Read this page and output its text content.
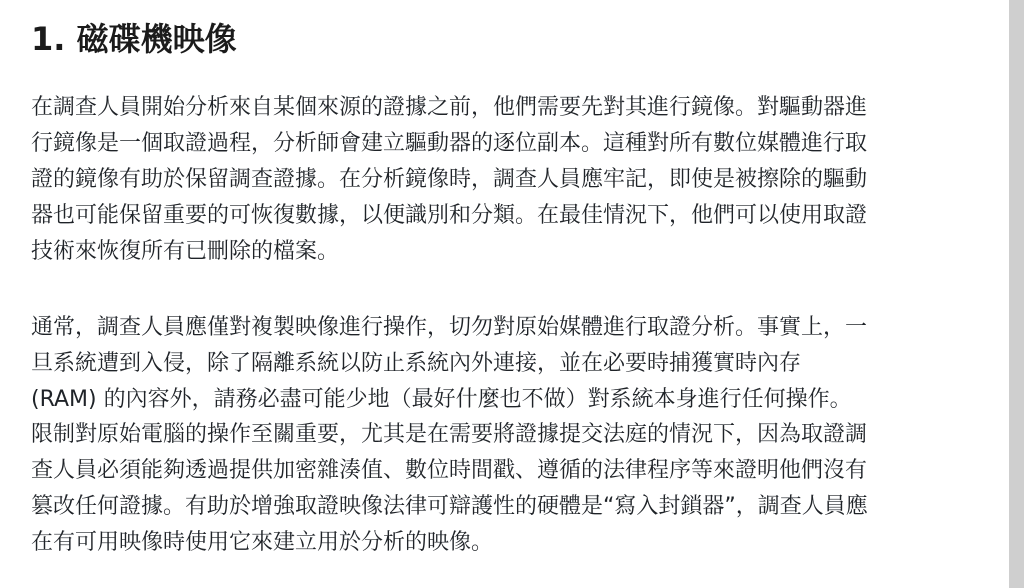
1. 磁碟機映像
在調查人員開始分析來自某個來源的證據之前，他們需要先對其進行鏡像。對驅動器進
行鏡像是一個取證過程，分析師會建立驅動器的逐位副本。這種對所有數位媒體進行取
證的鏡像有助於保留調查證據。在分析鏡像時，調查人員應牢記，即使是被擦除的驅動
器也可能保留重要的可恢復數據，以便識別和分類。在最佳情況下，他們可以使用取證
技術來恢復所有已刪除的檔案。
通常，調查人員應僅對複製映像進行操作，切勿對原始媒體進行取證分析。事實上，一
旦系統遭到入侵，除了隔離系統以防止系統內外連接，並在必要時捕獲實時內存
(RAM) 的內容外，請務必盡可能少地（最好什麼也不做）對系統本身進行任何操作。
限制對原始電腦的操作至關重要，尤其是在需要將證據提交法庭的情況下，因為取證調
查人員必須能夠透過提供加密雜湊值、數位時間戳、遵循的法律程序等來證明他們沒有
篡改任何證據。有助於增強取證映像法律可辯護性的硬體是“寫入封鎖器”，調查人員應
在有可用映像時使用它來建立用於分析的映像。
